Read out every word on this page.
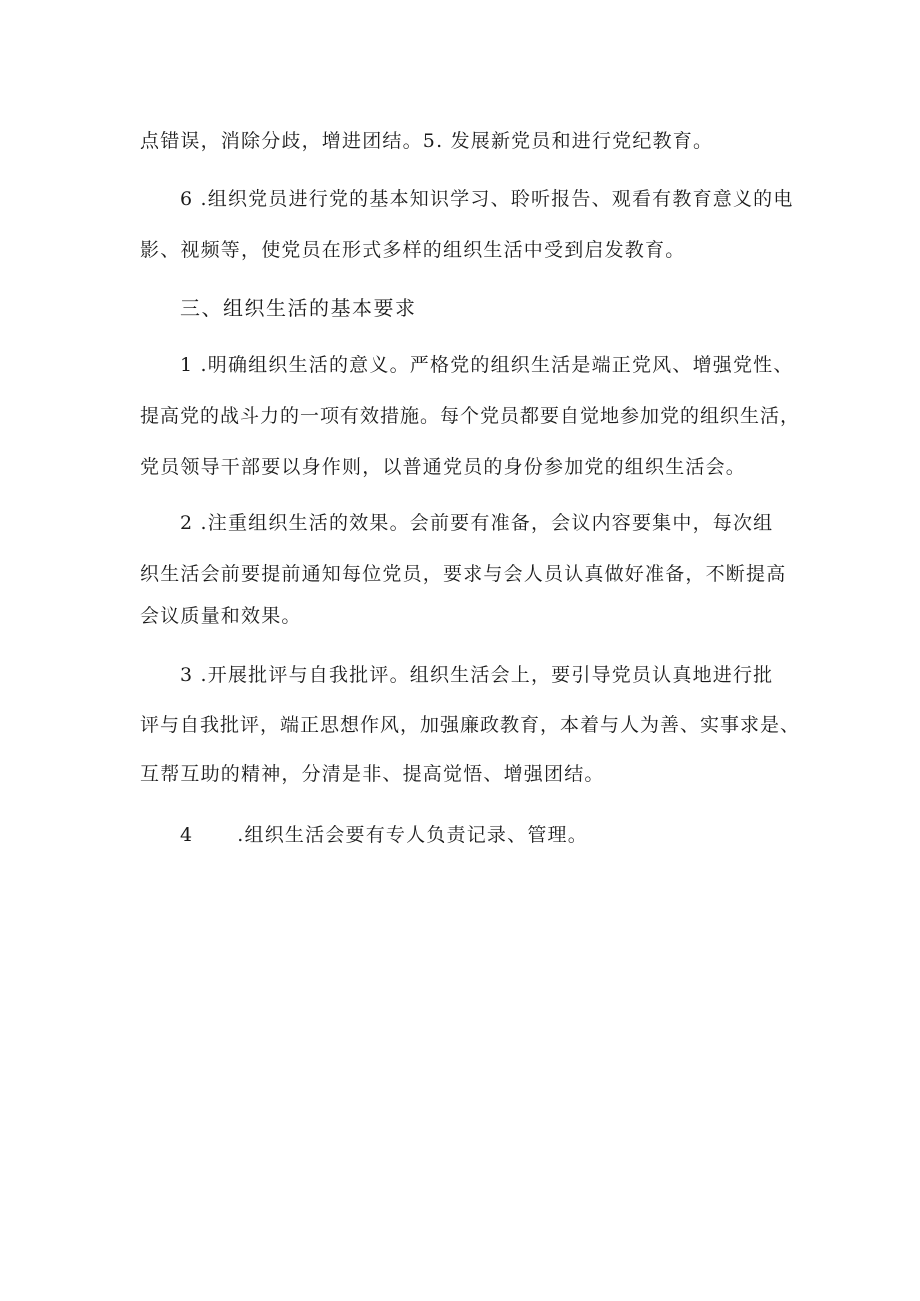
点错误，消除分歧，增进团结。5. 发展新党员和进行党纪教育。
6 .组织党员进行党的基本知识学习、聆听报告、观看有教育意义的电
影、视频等，使党员在形式多样的组织生活中受到启发教育。
三、组织生活的基本要求
1 .明确组织生活的意义。严格党的组织生活是端正党风、增强党性、
提高党的战斗力的一项有效措施。每个党员都要自觉地参加党的组织生活，
党员领导干部要以身作则，以普通党员的身份参加党的组织生活会。
2 .注重组织生活的效果。会前要有准备，会议内容要集中，每次组
织生活会前要提前通知每位党员，要求与会人员认真做好准备，不断提高
会议质量和效果。
3 .开展批评与自我批评。组织生活会上，要引导党员认真地进行批
评与自我批评，端正思想作风，加强廉政教育，本着与人为善、实事求是、
互帮互助的精神，分清是非、提高觉悟、增强团结。
4 .组织生活会要有专人负责记录、管理。
